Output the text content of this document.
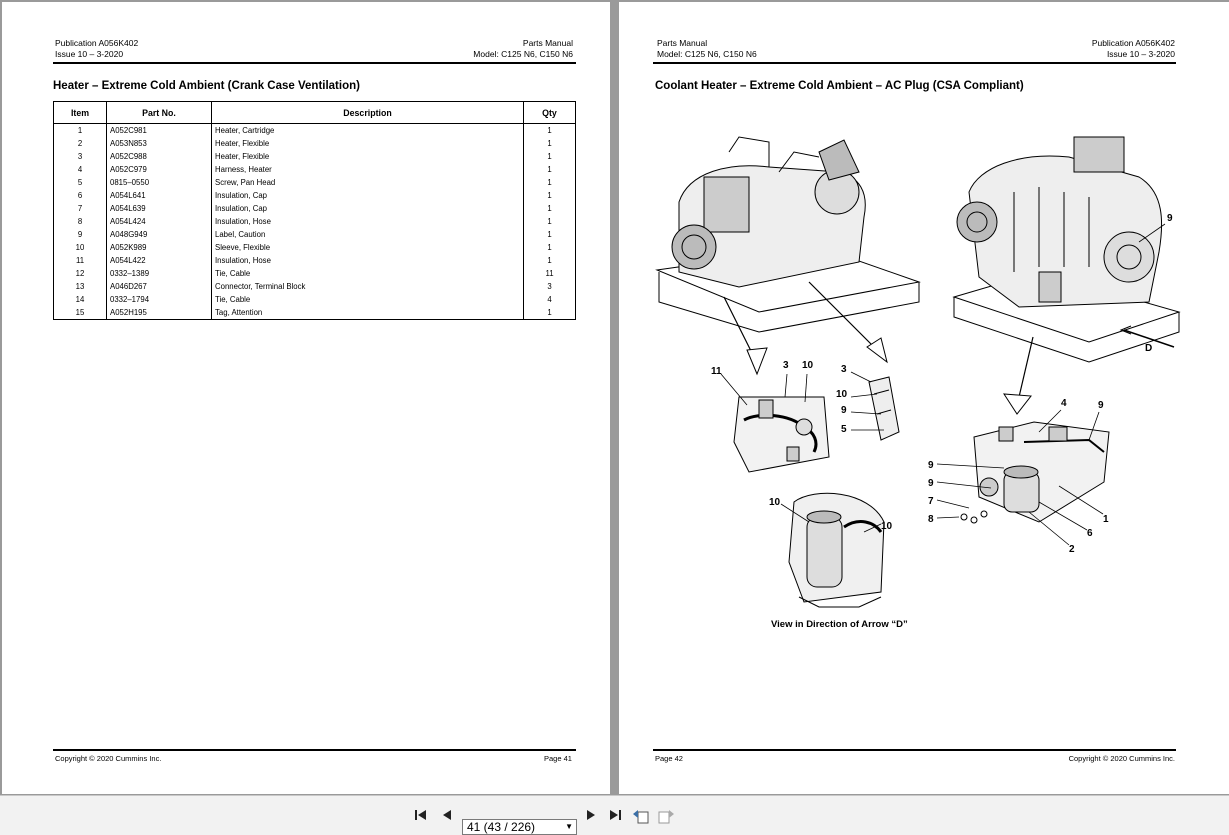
Publication A056K402
Issue 10 – 3-2020
Parts Manual
Model: C125 N6, C150 N6
Heater – Extreme Cold Ambient (Crank Case Ventilation)
Item	Part No.	Description	Qty
1	A052C981	Heater, Cartridge	1
2	A053N853	Heater, Flexible	1
3	A052C988	Heater, Flexible	1
4	A052C979	Harness, Heater	1
5	0815–0550	Screw, Pan Head	1
6	A054L641	Insulation, Cap	1
7	A054L639	Insulation, Cap	1
8	A054L424	Insulation, Hose	1
9	A048G949	Label, Caution	1
10	A052K989	Sleeve, Flexible	1
11	A054L422	Insulation, Hose	1
12	0332–1389	Tie, Cable	11
13	A046D267	Connector, Terminal Block	3
14	0332–1794	Tie, Cable	4
15	A052H195	Tag, Attention	1
Copyright © 2020 Cummins Inc.	Page 41
Parts Manual
Model: C125 N6, C150 N6
Publication A056K402
Issue 10 – 3-2020
Coolant Heater – Extreme Cold Ambient – AC Plug (CSA Compliant)
11
3 10	3
10
9
5
9
D
4	9
9
9
7
8	1
6
2
10
10
View in Direction of Arrow “D”
Page 42	Copyright © 2020 Cummins Inc.
41 (43 / 226)	▼
